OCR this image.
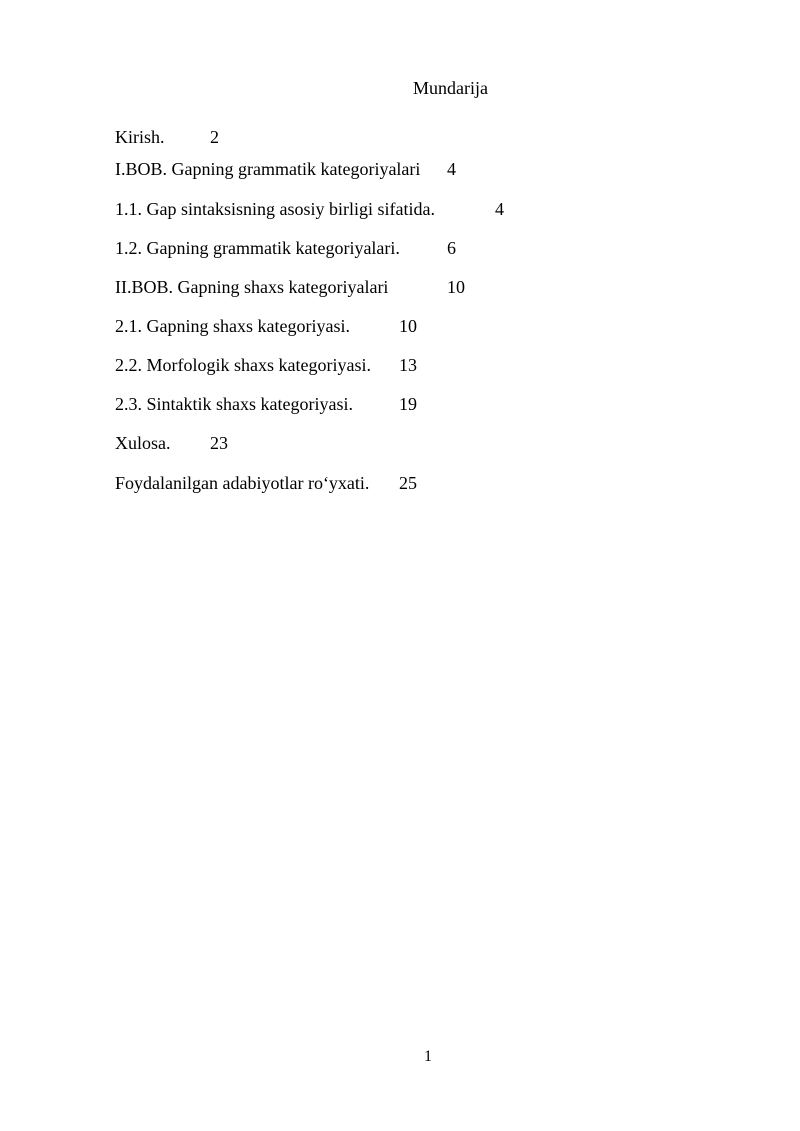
Mundarija
Kirish.	2
I.BOB. Gapning grammatik kategoriyalari 4
1.1. Gap sintaksisning asosiy birligi sifatida.	4
1.2. Gapning grammatik kategoriyalari.	6
II.BOB. Gapning shaxs kategoriyalari	10
2.1. Gapning shaxs kategoriyasi.	10
2.2. Morfologik shaxs kategoriyasi. 13
2.3. Sintaktik shaxs kategoriyasi.	19
Xulosa. 23
Foydalanilgan adabiyotlar ro‘yxati. 25
1
